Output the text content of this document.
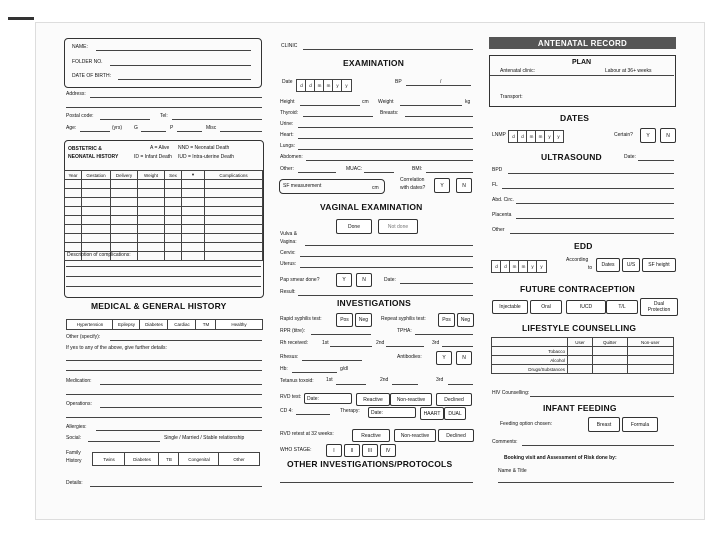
NAME:
FOLDER NO.
DATE OF BIRTH:
Address:
Postal code:	Tel:
Age:	(yrs) G	P	Misc
OBSTETRIC &
NEONATAL HISTORY
A = Alive NND = Neonatal Death
ID = Infant Death IUD = Intra-uterine Death
Year	Gestation	Delivery	Weight	Sex	▾	Complications

Description of complications:
MEDICAL & GENERAL HISTORY
Hypertension	Epilepsy	Diabetes	Cardiac	TM	Healthy
Other (specify):
If yes to any of the above, give further details:
Medication:
Operations:
Allergies:
Social:	Single / Married / Stable relationship
Family
History	Twins	Diabetes	TB	Congenital	Other
Details:
CLINIC
EXAMINATION
Date
d	d	m	m	y	y
BP	/
Height	cm Weight	kg
Thyroid:	Breasts:
Urine:
Heart:
Lungs:
Abdomen:
Other:	MUAC:	BMI:
SF measurement	cm
Correlation
with dates?	Y	N
VAGINAL EXAMINATION
Done	Not done
Vulva &
Vagina:
Cervix:
Uterus:
Pap smear done?	Y	N	Date:
Result:
INVESTIGATIONS
Rapid syphilis test:	Pos	Neg	Repeat syphilis test:	Pos	Neg
RPR (titre):	TPHA:
Rh received:	1st	2nd	3rd
Rhesus:	Antibodies:	Y	N
Hb:	g/dl
Tetanus toxoid: 1st	2nd	3rd
RVD test:	Date:	Reactive	Non-reactive	Declined
CD 4:	Therapy:	Date:	HAART	DUAL
RVD retest at 32 weeks:	Reactive	Non-reactive	Declined
WHO STAGE:	I	II	III	IV
OTHER INVESTIGATIONS/PROTOCOLS
ANTENATAL RECORD
PLAN
Antenatal clinic:	Labour at 36+ weeks
Transport:
DATES
LNMP	d	d	m	m	y	y	Certain?	Y	N
ULTRASOUND	Date:
BPD
FL
Abd. Circ.
Placenta
Other
EDD
d	d	m	m	y	y
According
to	Dates	U/S	SF height
FUTURE CONTRACEPTION
Injectable	Oral	IUCD	T/L	Dual
Protection
LIFESTYLE COUNSELLING
	User	Quitter	Non-user
Tobacco			
Alcohol			
Drugs/Substances			
HIV Counselling:
INFANT FEEDING
Feeding option chosen:	Breast	Formula
Comments:
Booking visit and Assessment of Risk done by:
Name & Title
